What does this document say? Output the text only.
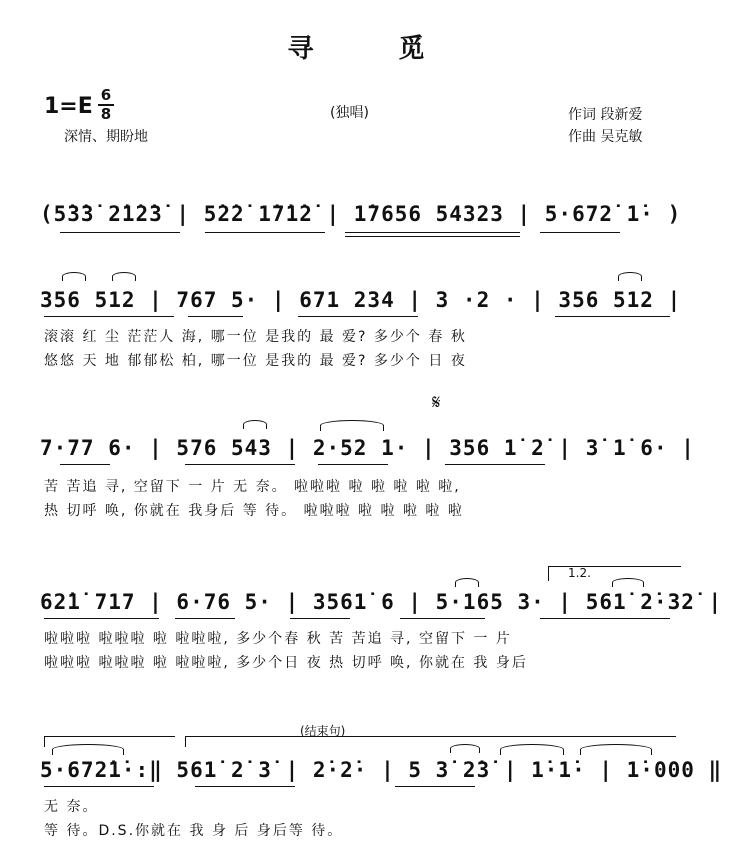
寻 觅
1=E 6
8
深情、期盼地
(独唱)	作词 段新爱
作曲 吴克敏
(5̇3̇3̇ 2̇1̇2̇3̇ | 5̇2̇2̇ 1̇7̇1̇2̇ | 1̇7656 54323 | 5·672̇ 1̇· )
356 512 | 767 5· | 671 234 | 3 ·2 · | 356 512 |
滚滚 红 尘 茫茫人 海, 哪一位 是我的 最 爱? 多少个 春 秋
悠悠 天 地 郁郁松 柏, 哪一位 是我的 最 爱? 多少个 日 夜
𝄋
7·77 6· | 576 543 | 2·52 1· | 356 1̇ 2̇ | 3̇ 1̇ 6· |
苦 苦追 寻, 空留下 一 片 无 奈。 啦啦啦 啦 啦 啦 啦 啦,
热 切呼 唤, 你就在 我身后 等 待。 啦啦啦 啦 啦 啦 啦 啦
1.2.
62̇1̇ 717 | 6·76 5· | 3561̇ 6 | 5·165 3· | 561̇ 2̇·32̇ |
啦啦啦 啦啦啦 啦 啦啦啦, 多少个春 秋 苦 苦追 寻, 空留下 一 片
啦啦啦 啦啦啦 啦 啦啦啦, 多少个日 夜 热 切呼 唤, 你就在 我 身后
(结束句)
5·672̇1̇·:‖ 561̇ 2̇ 3̇ | 2̇·2̇· | 5 3̇ 2̇3̇ | 1̇·1̇· | 1̇·000 ‖
无 奈。
等 待。D.S.你就在 我 身 后 身后等 待。
